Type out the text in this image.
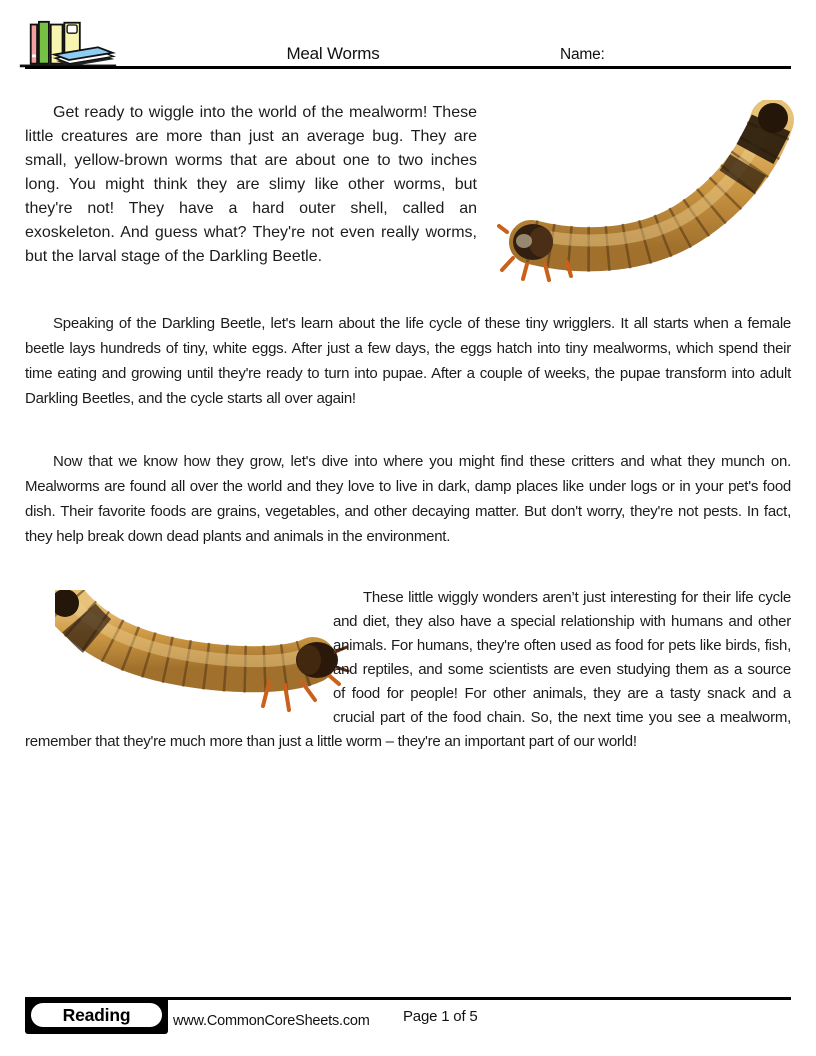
Meal Worms	Name:
Get ready to wiggle into the world of the mealworm! These little creatures are more than just an average bug. They are small, yellow-brown worms that are about one to two inches long. You might think they are slimy like other worms, but they're not! They have a hard outer shell, called an exoskeleton. And guess what? They're not even really worms, but the larval stage of the Darkling Beetle.
Speaking of the Darkling Beetle, let's learn about the life cycle of these tiny wrigglers. It all starts when a female beetle lays hundreds of tiny, white eggs. After just a few days, the eggs hatch into tiny mealworms, which spend their time eating and growing until they're ready to turn into pupae. After a couple of weeks, the pupae transform into adult Darkling Beetles, and the cycle starts all over again!
Now that we know how they grow, let's dive into where you might find these critters and what they munch on. Mealworms are found all over the world and they love to live in dark, damp places like under logs or in your pet's food dish. Their favorite foods are grains, vegetables, and other decaying matter. But don't worry, they're not pests. In fact, they help break down dead plants and animals in the environment.
These little wiggly wonders aren’t just interesting for their life cycle and diet, they also have a special relationship with humans and other animals. For humans, they're often used as food for pets like birds, fish, and reptiles, and some scientists are even studying them as a source of food for people! For other animals, they are a tasty snack and a crucial part of the food chain. So, the next time you see a mealworm, remember that they're much more than just a little worm – they're an important part of our world!
Reading	www.CommonCoreSheets.com Page 1 of 5
